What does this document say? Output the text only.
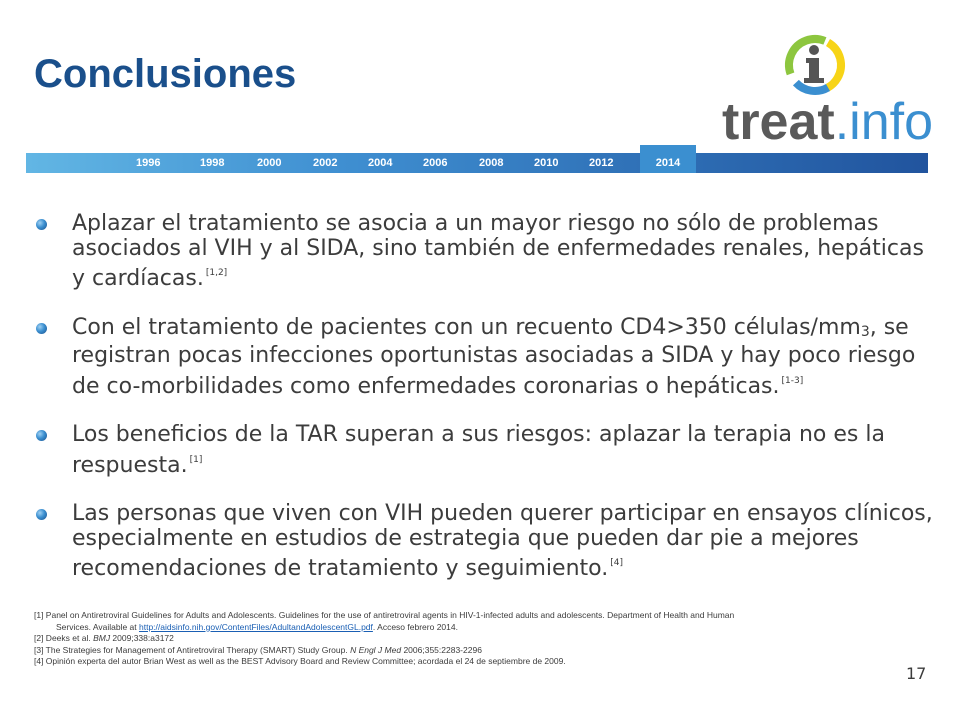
Conclusiones
treat.info
1996	1998	2000	2002	2004	2006	2008	2010	2012	2014
Aplazar el tratamiento se asocia a un mayor riesgo no sólo de problemas asociados al VIH y al SIDA, sino también de enfermedades renales, hepáticas y cardíacas. [1,2]
Con el tratamiento de pacientes con un recuento CD4>350 células/$mm_3$, se registran pocas infecciones oportunistas asociadas a SIDA y hay poco riesgo de co-morbilidades como enfermedades coronarias o hepáticas. [1-3]
Los beneficios de la TAR superan a sus riesgos: aplazar la terapia no es la respuesta. [1]
Las personas que viven con VIH pueden querer participar en ensayos clínicos, especialmente en estudios de estrategia que pueden dar pie a mejores recomendaciones de tratamiento y seguimiento. [4]
[1] Panel on Antiretroviral Guidelines for Adults and Adolescents. Guidelines for the use of antiretroviral agents in HIV-1-infected adults and adolescents. Department of Health and Human
Services. Available at http://aidsinfo.nih.gov/ContentFiles/AdultandAdolescentGL.pdf. Acceso febrero 2014.
[2] Deeks et al. BMJ 2009;338:a3172
[3] The Strategies for Management of Antiretroviral Therapy (SMART) Study Group. N Engl J Med 2006;355:2283-2296
[4] Opinión experta del autor Brian West as well as the BEST Advisory Board and Review Committee; acordada el 24 de septiembre de 2009.
17
